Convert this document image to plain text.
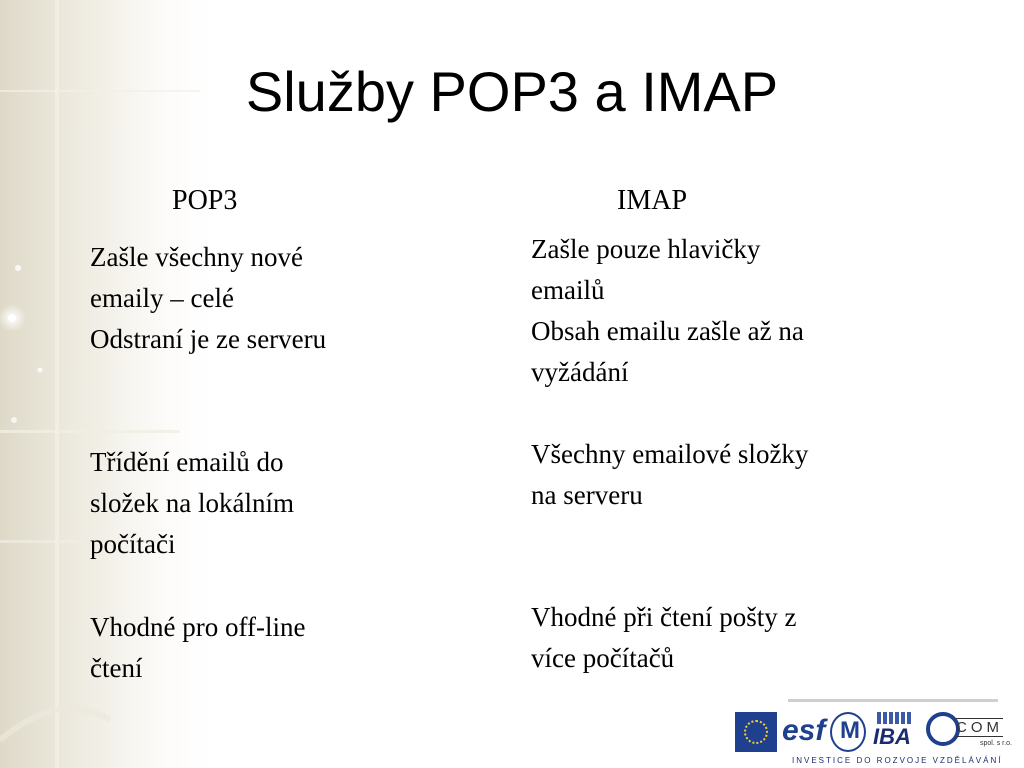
Služby POP3 a IMAP
POP3
Zašle všechny nové
emaily – celé
Odstraní je ze serveru
Třídění emailů do
složek na lokálním
počítači
Vhodné pro off-line
čtení
IMAP
Zašle pouze hlavičky
emailů
Obsah emailu zašle až na
vyžádání
Všechny emailové složky
na serveru
Vhodné při čtení pošty z
více počítačů
esf M IBA	COM
spol. s r.o.
INVESTICE DO ROZVOJE VZDĚLÁVÁNÍ
